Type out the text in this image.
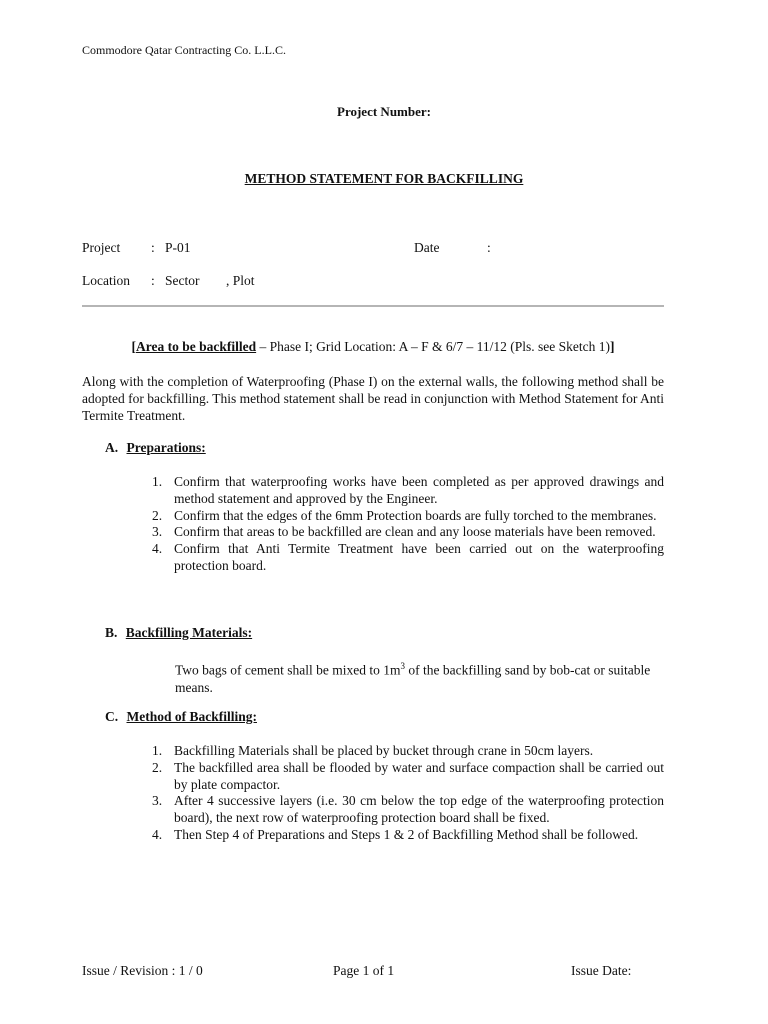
Commodore Qatar Contracting Co. L.L.C.
Project Number:
METHOD STATEMENT FOR BACKFILLING
Project : P-01	Date	:
Location : Sector , Plot
[Area to be backfilled – Phase I; Grid Location: A – F & 6/7 – 11/12 (Pls. see Sketch 1)]
Along with the completion of Waterproofing (Phase I) on the external walls, the following method shall be adopted for backfilling. This method statement shall be read in conjunction with Method Statement for Anti Termite Treatment.
A. Preparations:
1. Confirm that waterproofing works have been completed as per approved drawings and method statement and approved by the Engineer.
2. Confirm that the edges of the 6mm Protection boards are fully torched to the membranes.
3. Confirm that areas to be backfilled are clean and any loose materials have been removed.
4. Confirm that Anti Termite Treatment have been carried out on the waterproofing protection board.
B. Backfilling Materials:
Two bags of cement shall be mixed to $1m^3$ of the backfilling sand by bob-cat or suitable means.
C. Method of Backfilling:
1. Backfilling Materials shall be placed by bucket through crane in 50cm layers.
2. The backfilled area shall be flooded by water and surface compaction shall be carried out by plate compactor.
3. After 4 successive layers (i.e. 30 cm below the top edge of the waterproofing protection board), the next row of waterproofing protection board shall be fixed.
4. Then Step 4 of Preparations and Steps 1 & 2 of Backfilling Method shall be followed.
Issue / Revision : 1 / 0	Page 1 of 1	Issue Date:
